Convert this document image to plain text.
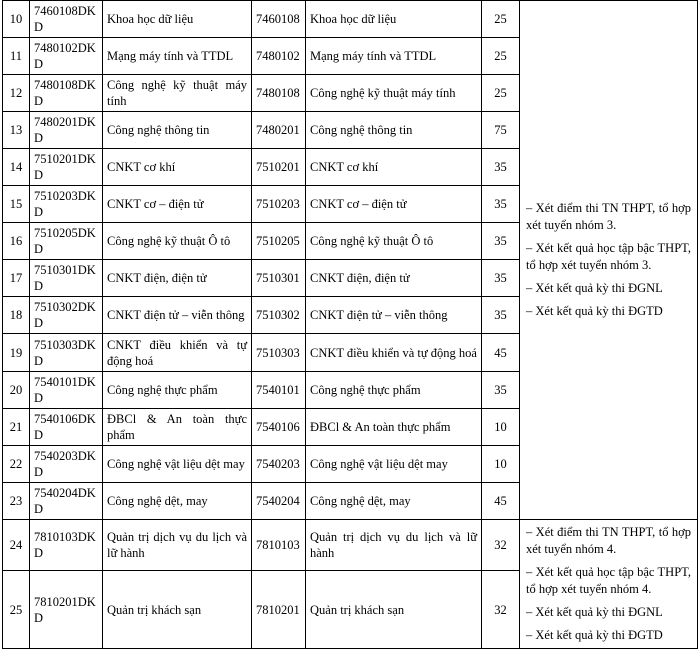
10	7460108DKD	Khoa học dữ liệu	7460108	Khoa học dữ liệu	25	– Xét điểm thi TN THPT, tổ hợp xét tuyển nhóm 3.

– Xét kết quả học tập bậc THPT, tổ hợp xét tuyển nhóm 3.

– Xét kết quả kỳ thi ĐGNL

– Xét kết quả kỳ thi ĐGTD

11	7480102DKD	Mạng máy tính và TTDL	7480102	Mạng máy tính và TTDL	25	
12	7480108DKD	Công nghệ kỹ thuật máy tính	7480108	Công nghệ kỹ thuật máy tính	25	
13	7480201DKD	Công nghệ thông tin	7480201	Công nghệ thông tin	75	
14	7510201DKD	CNKT cơ khí	7510201	CNKT cơ khí	35	
15	7510203DKD	CNKT cơ – điện tử	7510203	CNKT cơ – điện tử	35	
16	7510205DKD	Công nghệ kỹ thuật Ô tô	7510205	Công nghệ kỹ thuật Ô tô	35	
17	7510301DKD	CNKT điện, điện tử	7510301	CNKT điện, điện tử	35	
18	7510302DKD	CNKT điện tử – viễn thông	7510302	CNKT điện tử – viễn thông	35	
19	7510303DKD	CNKT điều khiển và tự động hoá	7510303	CNKT điều khiển và tự động hoá	45	
20	7540101DKD	Công nghệ thực phẩm	7540101	Công nghệ thực phẩm	35	
21	7540106DKD	ĐBCl & An toàn thực phẩm	7540106	ĐBCl & An toàn thực phẩm	10	
22	7540203DKD	Công nghệ vật liệu dệt may	7540203	Công nghệ vật liệu dệt may	10	
23	7540204DKD	Công nghệ dệt, may	7540204	Công nghệ dệt, may	45	
24	7810103DKD	Quản trị dịch vụ du lịch và lữ hành	7810103	Quản trị dịch vụ du lịch và lữ hành	32	– Xét điểm thi TN THPT, tổ hợp xét tuyển nhóm 4.

– Xét kết quả học tập bậc THPT, tổ hợp xét tuyển nhóm 4.

– Xét kết quả kỳ thi ĐGNL

– Xét kết quả kỳ thi ĐGTD

25	7810201DKD	Quản trị khách sạn	7810201	Quản trị khách sạn	32	
